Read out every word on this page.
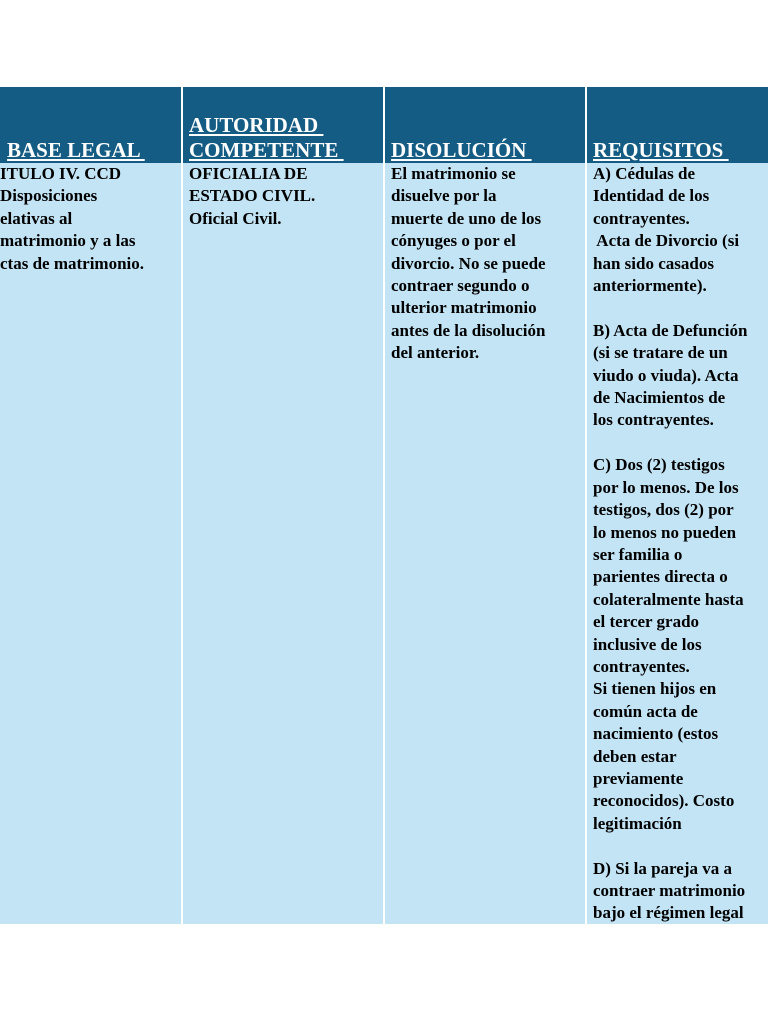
BASE LEGAL
AUTORIDAD
COMPETENTE	DISOLUCIÓN	REQUISITOS
ITULO IV. CCD
Disposiciones
elativas al
matrimonio y a las
ctas de matrimonio.
OFICIALIA DE
ESTADO CIVIL.
Oficial Civil.
El matrimonio se
disuelve por la
muerte de uno de los
cónyuges o por el
divorcio. No se puede
contraer segundo o
ulterior matrimonio
antes de la disolución
del anterior.
A) Cédulas de
Identidad de los
contrayentes.
Acta de Divorcio (si
han sido casados
anteriormente).

B) Acta de Defunción
(si se tratare de un
viudo o viuda). Acta
de Nacimientos de
los contrayentes.

C) Dos (2) testigos
por lo menos. De los
testigos, dos (2) por
lo menos no pueden
ser familia o
parientes directa o
colateralmente hasta
el tercer grado
inclusive de los
contrayentes.
Si tienen hijos en
común acta de
nacimiento (estos
deben estar
previamente
reconocidos). Costo
legitimación

D) Si la pareja va a
contraer matrimonio
bajo el régimen legal
